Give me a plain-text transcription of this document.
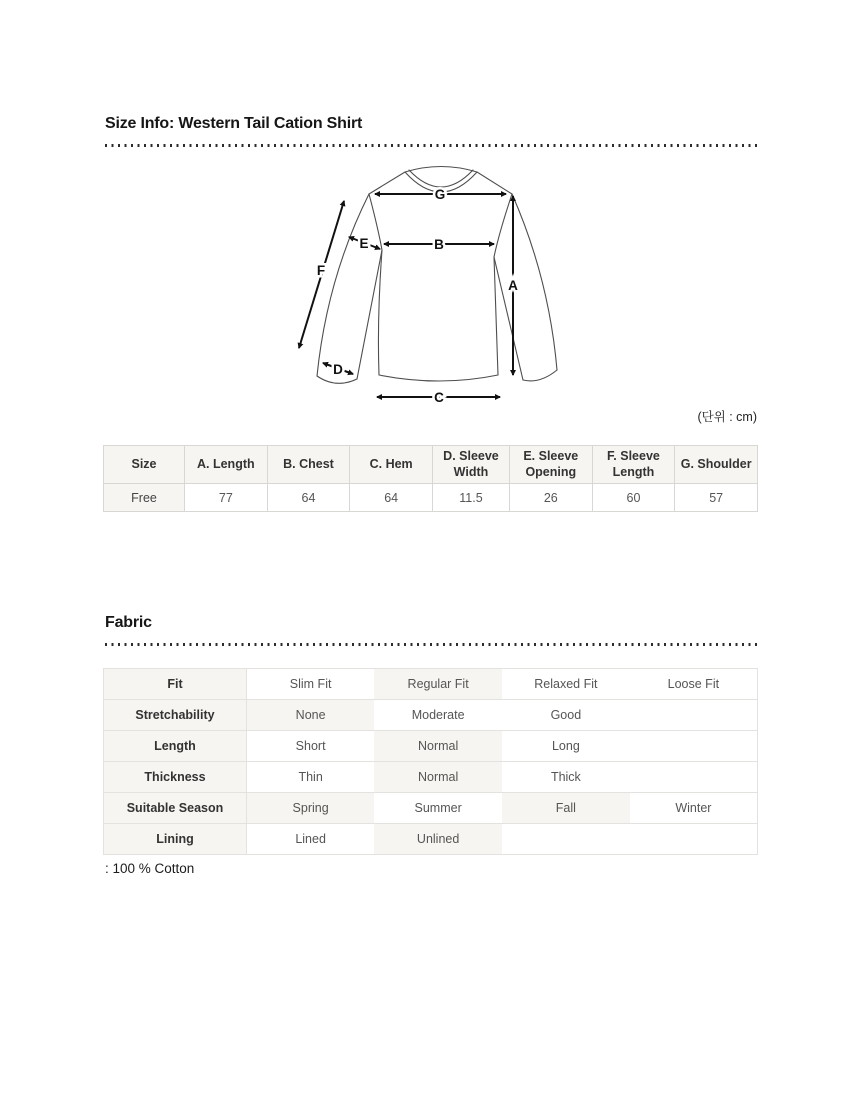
Size Info: Western Tail Cation Shirt
G
B
A
C
F
E
D
(단위 : cm)
Size	A. Length	B. Chest	C. Hem	D. Sleeve Width	E. Sleeve Opening	F. Sleeve Length	G. Shoulder
Free	77	64	64	11.5	26	60	57
Fabric
Fit	Slim Fit	Regular Fit	Relaxed Fit	Loose Fit
Stretchability	None	Moderate	Good	
Length	Short	Normal	Long	
Thickness	Thin	Normal	Thick	
Suitable Season	Spring	Summer	Fall	Winter
Lining	Lined	Unlined		
: 100 % Cotton
